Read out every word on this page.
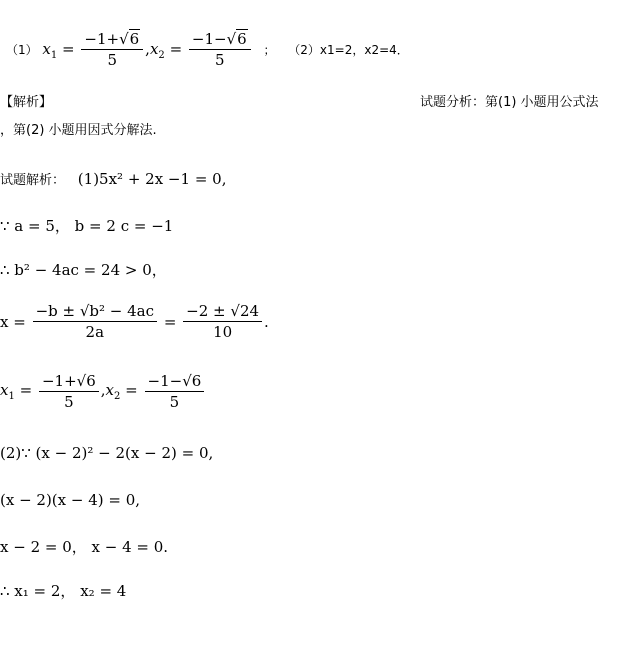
（1） $x_1 = \frac{-1+√6}{5} ,x_2 = \frac{-1-√6}{5}$ ； （2）x1=2，x2=4．
【解析】	试题分析：第(1) 小题用公式法
，第(2) 小题用因式分解法.
试题解析： (1)5x² + 2x −1 = 0,
∵ a = 5， b = 2 c = −1
∴ b² − 4ac = 24 > 0，
$x = \frac{\text{−b ± √b² − 4ac}}{2a} = \frac{-2 \pm √24}{10}$ .
$x_1 = \frac{-1+√6}{5} ,x_2 = \frac{-1-√6}{5}$
(2)∵ (x − 2)² − 2(x − 2) = 0,
(x − 2)(x − 4) = 0,
x − 2 = 0， x − 4 = 0.
∴ x₁ = 2， x₂ = 4
